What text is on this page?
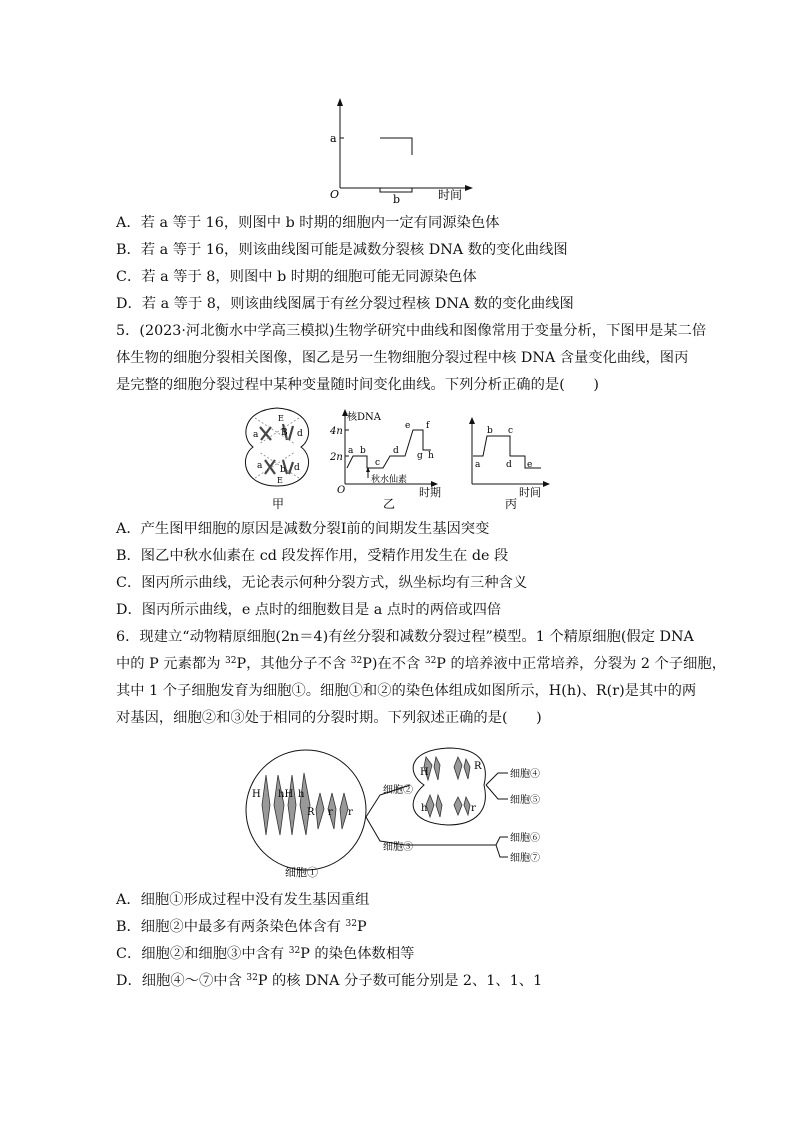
a
O	时间
b
A．若 a 等于 16，则图中 b 时期的细胞内一定有同源染色体
B．若 a 等于 16，则该曲线图可能是减数分裂核 DNA 数的变化曲线图
C．若 a 等于 8，则图中 b 时期的细胞可能无同源染色体
D．若 a 等于 8，则该曲线图属于有丝分裂过程核 DNA 数的变化曲线图
5．(2023·河北衡水中学高三模拟)生物学研究中曲线和图像常用于变量分析，下图甲是某二倍
体生物的细胞分裂相关图像，图乙是另一生物细胞分裂过程中核 DNA 含量变化曲线，图丙
是完整的细胞分裂过程中某种变量随时间变化曲线。下列分析正确的是(　　)
a	B d
E
a b d
E
甲
核DNA
4n
2n
a b
c
d
e f
g h
秋水仙素
O	时期
乙
a
b c
d e
时间
丙
A．产生图甲细胞的原因是减数分裂Ⅰ前的间期发生基因突变
B．图乙中秋水仙素在 cd 段发挥作用，受精作用发生在 de 段
C．图丙所示曲线，无论表示何种分裂方式，纵坐标均有三种含义
D．图丙所示曲线，e 点时的细胞数目是 a 点时的两倍或四倍
6．现建立“动物精原细胞(2n＝4)有丝分裂和减数分裂过程”模型。1 个精原细胞(假定 DNA
中的 P 元素都为 $^{32}$P，其他分子不含 $^{32}$P)在不含 $^{32}$P 的培养液中正常培养，分裂为 2 个子细胞，
其中 1 个子细胞发育为细胞①。细胞①和②的染色体组成如图所示，H(h)、R(r)是其中的两
对基因，细胞②和③处于相同的分裂时期。下列叙述正确的是(　　)
H hH h
R r r
细胞①
细胞②
细胞③
H
R
h	r
细胞④
细胞⑤
细胞⑥
细胞⑦
A．细胞①形成过程中没有发生基因重组
B．细胞②中最多有两条染色体含有 $^{32}$P
C．细胞②和细胞③中含有 $^{32}$P 的染色体数相等
D．细胞④～⑦中含 $^{32}$P 的核 DNA 分子数可能分别是 2、1、1、1
